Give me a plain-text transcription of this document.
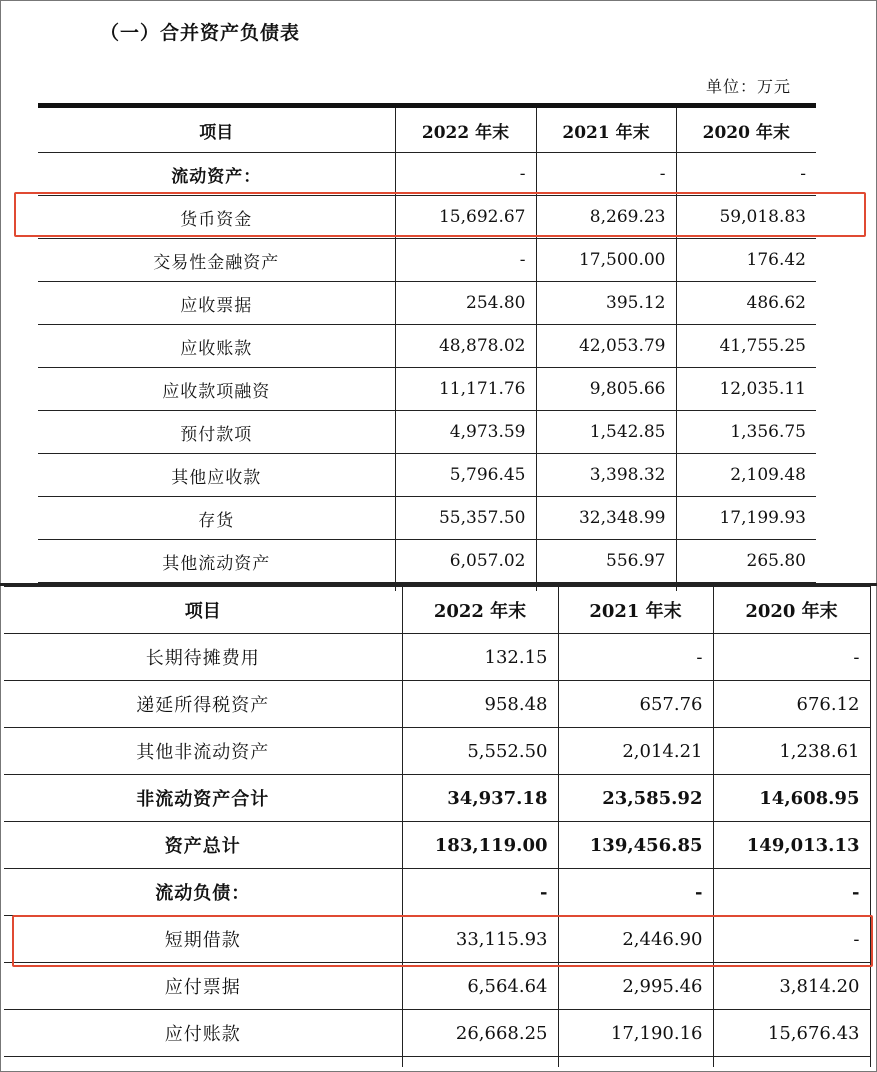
（一）合并资产负债表
单位：万元
项目	2022 年末	2021 年末	2020 年末
流动资产：	-	-	-
货币资金	15,692.67	8,269.23	59,018.83
交易性金融资产	-	17,500.00	176.42
应收票据	254.80	395.12	486.62
应收账款	48,878.02	42,053.79	41,755.25
应收款项融资	11,171.76	9,805.66	12,035.11
预付款项	4,973.59	1,542.85	1,356.75
其他应收款	5,796.45	3,398.32	2,109.48
存货	55,357.50	32,348.99	17,199.93
其他流动资产	6,057.02	556.97	265.80

项目	2022 年末	2021 年末	2020 年末
长期待摊费用	132.15	-	-
递延所得税资产	958.48	657.76	676.12
其他非流动资产	5,552.50	2,014.21	1,238.61
非流动资产合计	34,937.18	23,585.92	14,608.95
资产总计	183,119.00	139,456.85	149,013.13
流动负债：	-	-	-
短期借款	33,115.93	2,446.90	-
应付票据	6,564.64	2,995.46	3,814.20
应付账款	26,668.25	17,190.16	15,676.43
